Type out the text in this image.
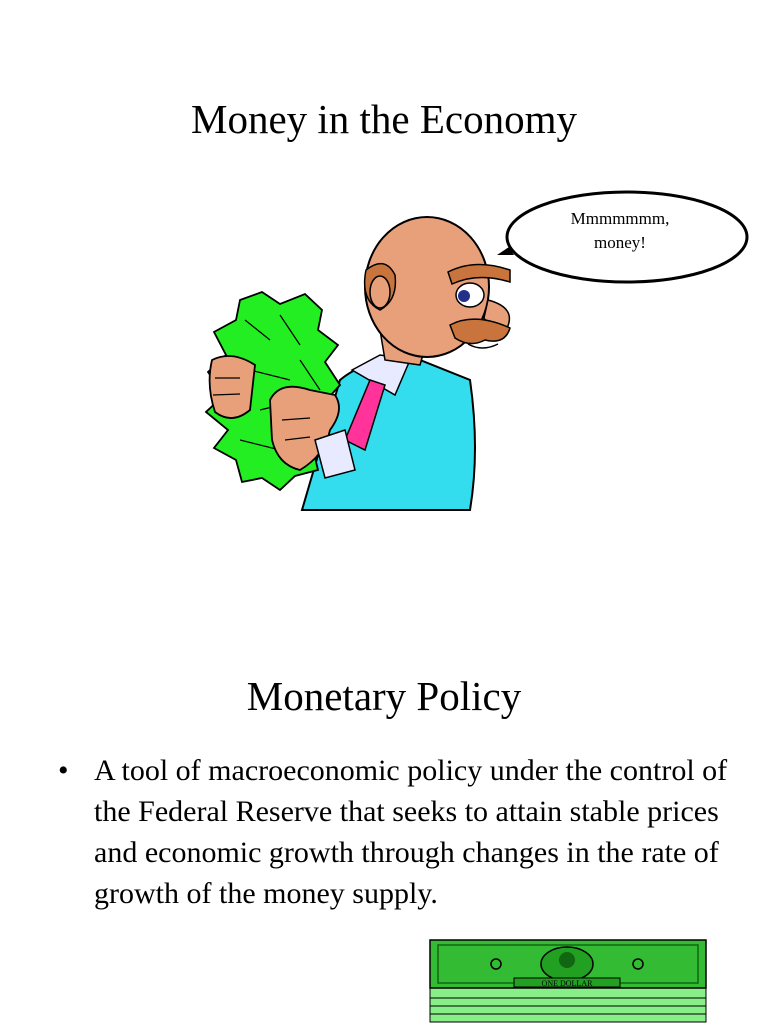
Money in the Economy
Mmmmmmm,
money!
Monetary Policy
• A tool of macroeconomic policy under the control of the Federal Reserve that seeks to attain stable prices and economic growth through changes in the rate of growth of the money supply.
ONE DOLLAR
